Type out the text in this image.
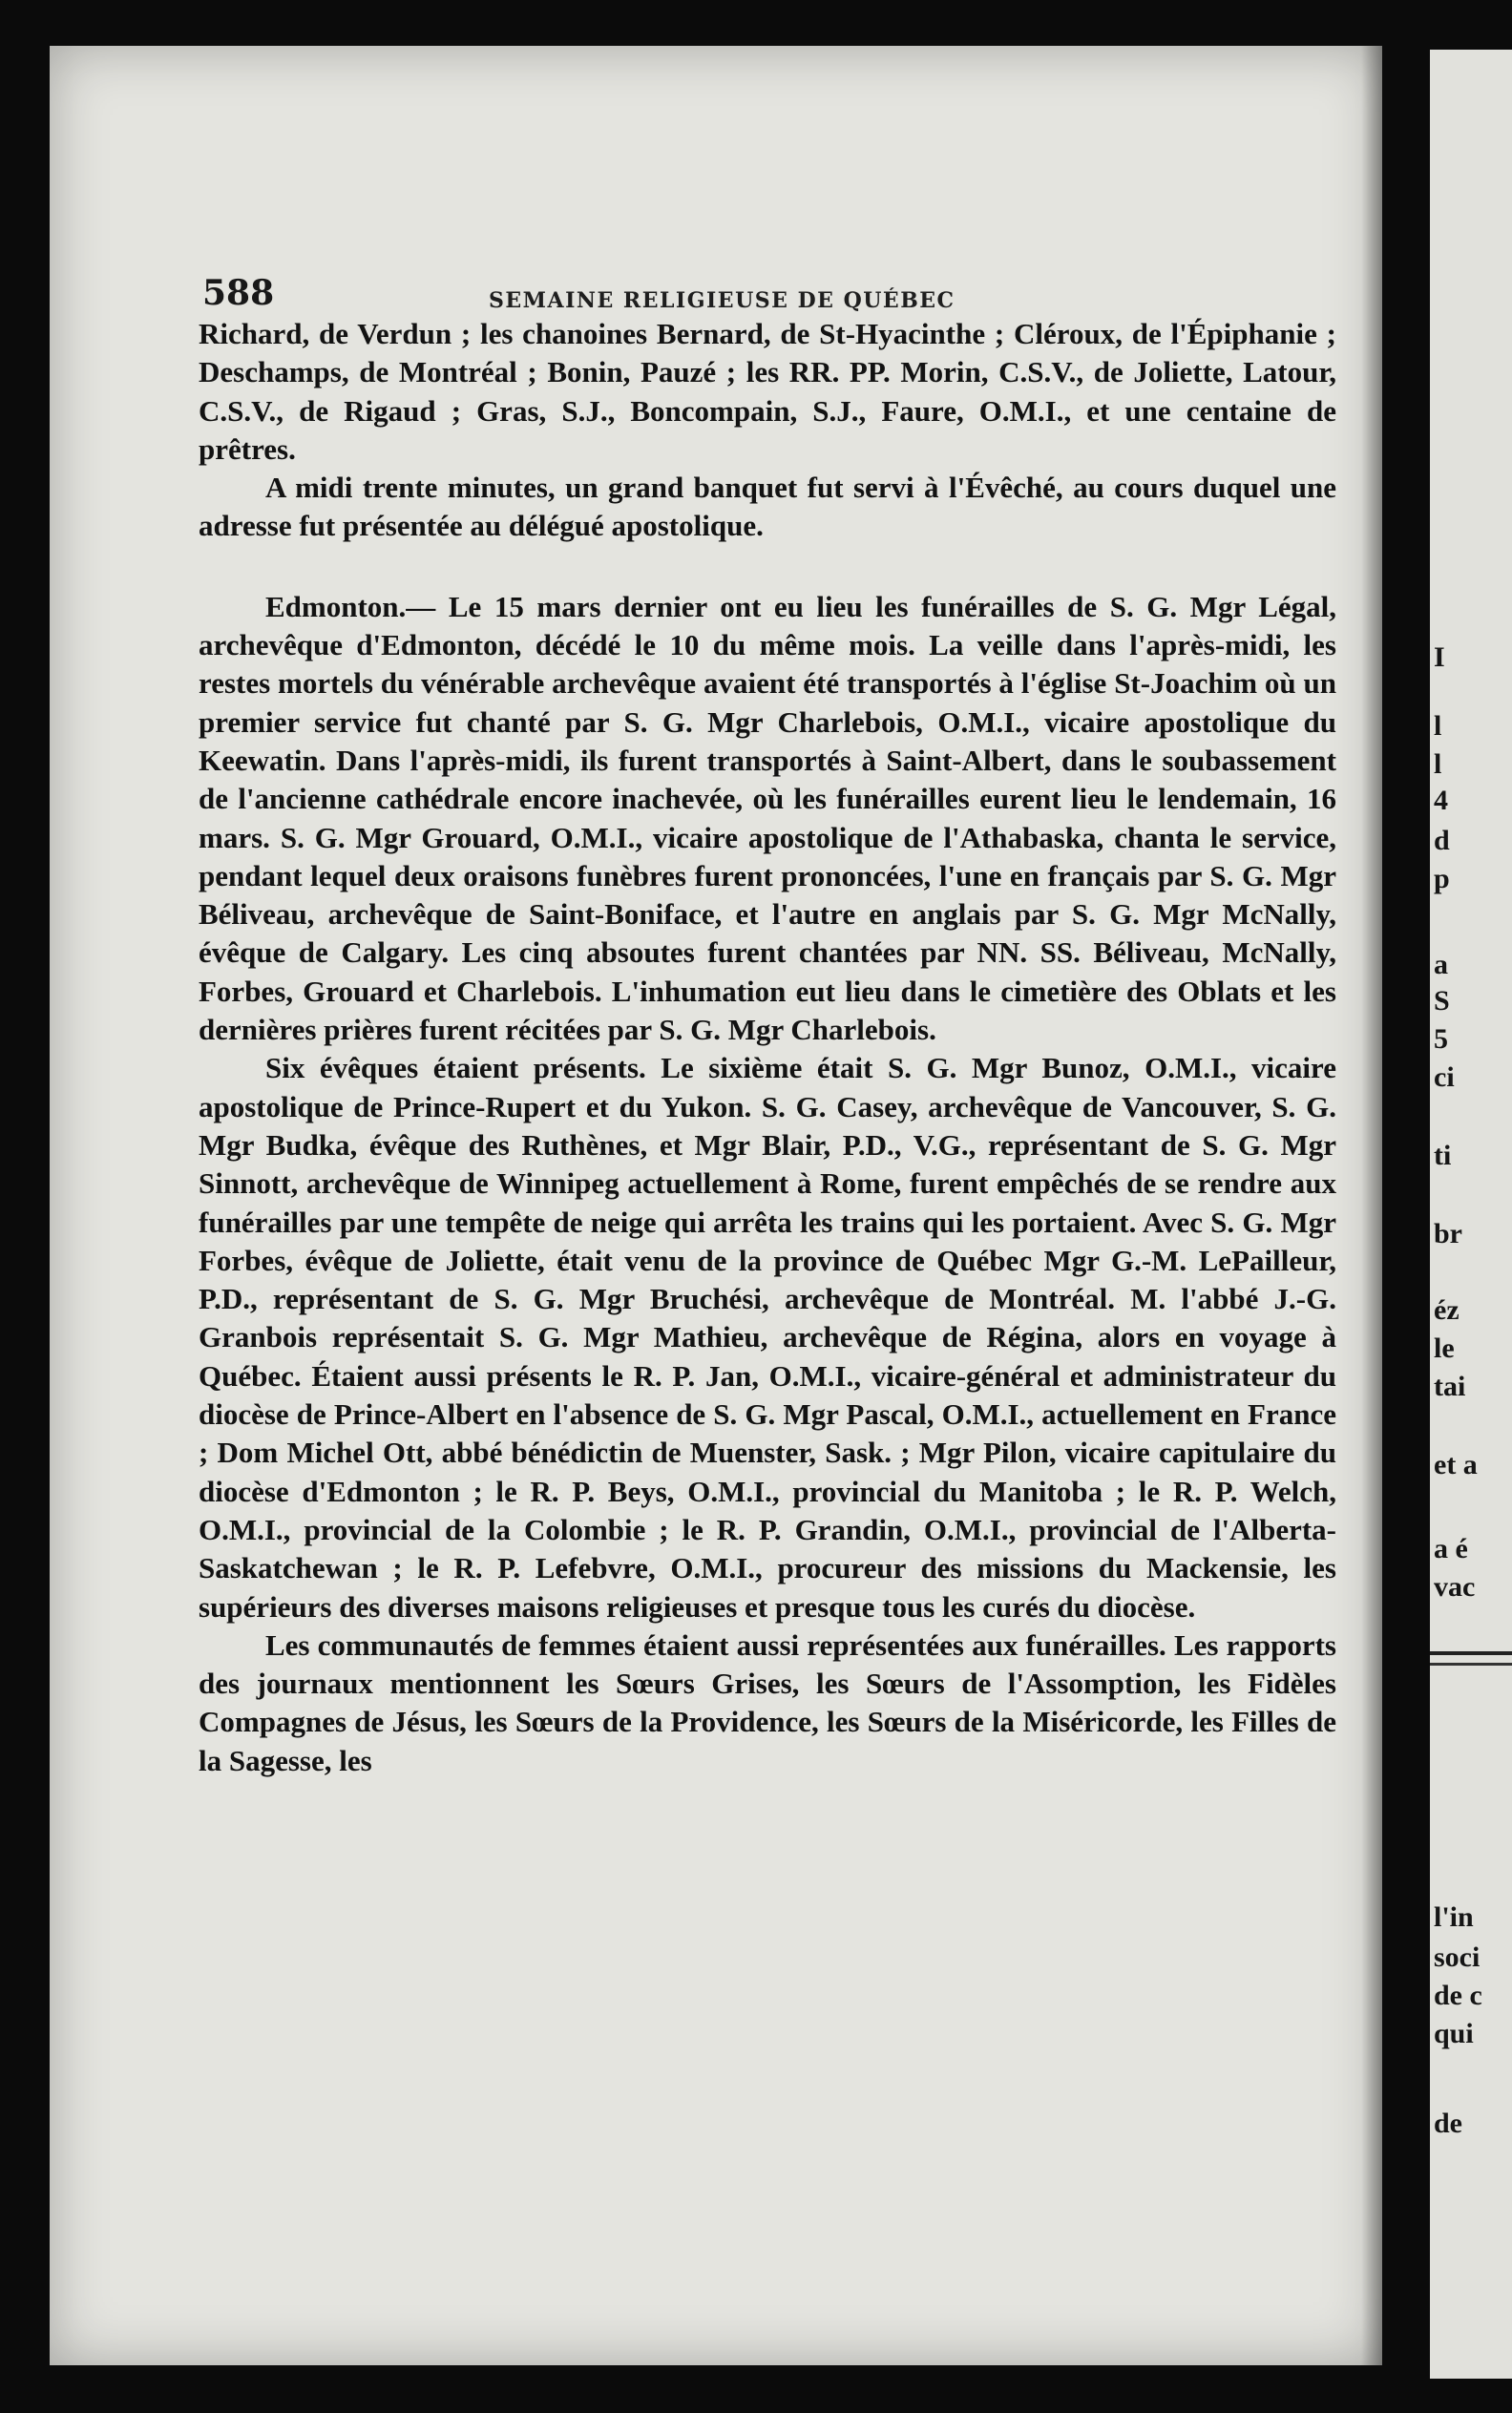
588	SEMAINE RELIGIEUSE DE QUÉBEC

Richard, de Verdun ; les chanoines Bernard, de St-Hyacinthe ; Cléroux, de l'Épiphanie ; Deschamps, de Montréal ; Bonin, Pauzé ; les RR. PP. Morin, C.S.V., de Joliette, Latour, C.S.V., de Rigaud ; Gras, S.J., Boncompain, S.J., Faure, O.M.I., et une centaine de prêtres.

A midi trente minutes, un grand banquet fut servi à l'Évêché, au cours duquel une adresse fut présentée au délégué apostolique.

Edmonton.— Le 15 mars dernier ont eu lieu les funérailles de S. G. Mgr Légal, archevêque d'Edmonton, décédé le 10 du même mois. La veille dans l'après-midi, les restes mortels du vénérable archevêque avaient été transportés à l'église St-Joachim où un premier service fut chanté par S. G. Mgr Charlebois, O.M.I., vicaire apostolique du Keewatin. Dans l'après-midi, ils furent transportés à Saint-Albert, dans le soubassement de l'ancienne cathédrale encore inachevée, où les funérailles eurent lieu le lendemain, 16 mars. S. G. Mgr Grouard, O.M.I., vicaire apostolique de l'Athabaska, chanta le service, pendant lequel deux oraisons funèbres furent prononcées, l'une en français par S. G. Mgr Béliveau, archevêque de Saint-Boniface, et l'autre en anglais par S. G. Mgr McNally, évêque de Calgary. Les cinq absoutes furent chantées par NN. SS. Béliveau, McNally, Forbes, Grouard et Charlebois. L'inhumation eut lieu dans le cimetière des Oblats et les dernières prières furent récitées par S. G. Mgr Charlebois.

Six évêques étaient présents. Le sixième était S. G. Mgr Bunoz, O.M.I., vicaire apostolique de Prince-Rupert et du Yukon. S. G. Casey, archevêque de Vancouver, S. G. Mgr Budka, évêque des Ruthènes, et Mgr Blair, P.D., V.G., représentant de S. G. Mgr Sinnott, archevêque de Winnipeg actuellement à Rome, furent empêchés de se rendre aux funérailles par une tempête de neige qui arrêta les trains qui les portaient. Avec S. G. Mgr Forbes, évêque de Joliette, était venu de la province de Québec Mgr G.-M. LePailleur, P.D., représentant de S. G. Mgr Bruchési, archevêque de Montréal. M. l'abbé J.-G. Granbois représentait S. G. Mgr Mathieu, archevêque de Régina, alors en voyage à Québec. Étaient aussi présents le R. P. Jan, O.M.I., vicaire-général et administrateur du diocèse de Prince-Albert en l'absence de S. G. Mgr Pascal, O.M.I., actuellement en France ; Dom Michel Ott, abbé bénédictin de Muenster, Sask. ; Mgr Pilon, vicaire capitulaire du diocèse d'Edmonton ; le R. P. Beys, O.M.I., provincial du Manitoba ; le R. P. Welch, O.M.I., provincial de la Colombie ; le R. P. Grandin, O.M.I., provincial de l'Alberta-Saskatchewan ; le R. P. Lefebvre, O.M.I., procureur des missions du Mackensie, les supérieurs des diverses maisons religieuses et presque tous les curés du diocèse.

Les communautés de femmes étaient aussi représentées aux funérailles. Les rapports des journaux mentionnent les Sœurs Grises, les Sœurs de l'Assomption, les Fidèles Compagnes de Jésus, les Sœurs de la Providence, les Sœurs de la Miséricorde, les Filles de la Sagesse, les

I
l
l
4
d
p
a
S
5
ci
ti
br
éz
le
tai
et a
a é
vac
l'in
soci
de c
qui
de
